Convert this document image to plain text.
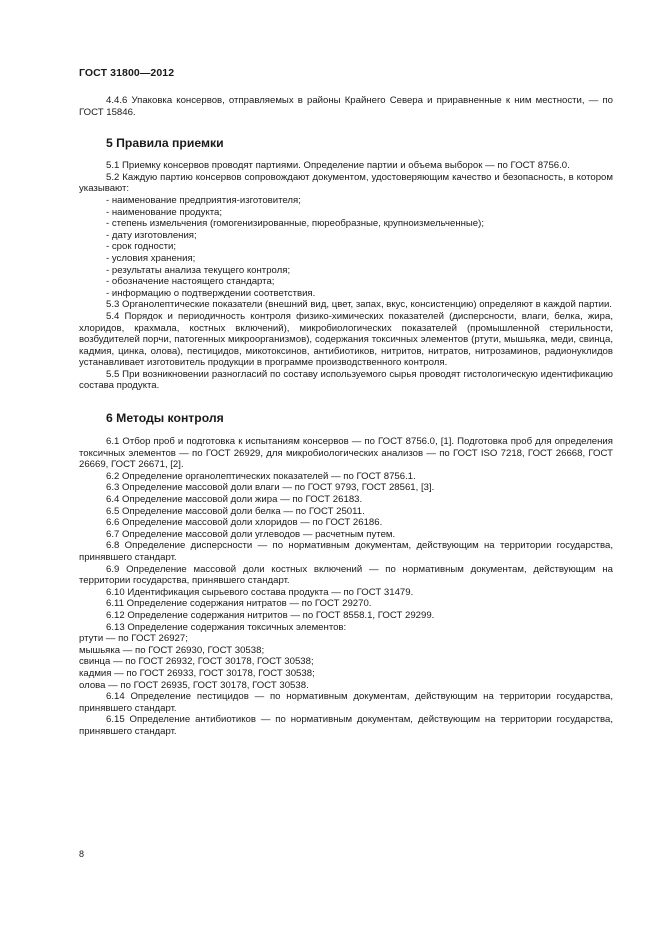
ГОСТ 31800—2012

4.4.6 Упаковка консервов, отправляемых в районы Крайнего Севера и приравненные к ним местности, — по ГОСТ 15846.

5 Правила приемки

5.1 Приемку консервов проводят партиями. Определение партии и объема выборок — по ГОСТ 8756.0.

5.2 Каждую партию консервов сопровождают документом, удостоверяющим качество и безопасность, в котором указывают:

- наименование предприятия-изготовителя;

- наименование продукта;

- степень измельчения (гомогенизированные, пюреобразные, крупноизмельченные);

- дату изготовления;

- срок годности;

- условия хранения;

- результаты анализа текущего контроля;

- обозначение настоящего стандарта;

- информацию о подтверждении соответствия.

5.3 Органолептические показатели (внешний вид, цвет, запах, вкус, консистенцию) определяют в каждой партии.

5.4 Порядок и периодичность контроля физико-химических показателей (дисперсности, влаги, белка, жира, хлоридов, крахмала, костных включений), микробиологических показателей (промышленной стерильности, возбудителей порчи, патогенных микроорганизмов), содержания токсичных элементов (ртути, мышьяка, меди, свинца, кадмия, цинка, олова), пестицидов, микотоксинов, антибиотиков, нитритов, нитратов, нитрозаминов, радионуклидов устанавливает изготовитель продукции в программе производственного контроля.

5.5 При возникновении разногласий по составу используемого сырья проводят гистологическую идентификацию состава продукта.

6 Методы контроля

6.1 Отбор проб и подготовка к испытаниям консервов — по ГОСТ 8756.0, [1]. Подготовка проб для определения токсичных элементов — по ГОСТ 26929, для микробиологических анализов — по ГОСТ ISO 7218, ГОСТ 26668, ГОСТ 26669, ГОСТ 26671, [2].

6.2 Определение органолептических показателей — по ГОСТ 8756.1.

6.3 Определение массовой доли влаги — по ГОСТ 9793, ГОСТ 28561, [3].

6.4 Определение массовой доли жира — по ГОСТ 26183.

6.5 Определение массовой доли белка — по ГОСТ 25011.

6.6 Определение массовой доли хлоридов — по ГОСТ 26186.

6.7 Определение массовой доли углеводов — расчетным путем.

6.8 Определение дисперсности — по нормативным документам, действующим на территории государства, принявшего стандарт.

6.9 Определение массовой доли костных включений — по нормативным документам, действующим на территории государства, принявшего стандарт.

6.10 Идентификация сырьевого состава продукта — по ГОСТ 31479.

6.11 Определение содержания нитратов — по ГОСТ 29270.

6.12 Определение содержания нитритов — по ГОСТ 8558.1, ГОСТ 29299.

6.13 Определение содержания токсичных элементов:

ртути — по ГОСТ 26927;

мышьяка — по ГОСТ 26930, ГОСТ 30538;

свинца — по ГОСТ 26932, ГОСТ 30178, ГОСТ 30538;

кадмия — по ГОСТ 26933, ГОСТ 30178, ГОСТ 30538;

олова — по ГОСТ 26935, ГОСТ 30178, ГОСТ 30538.

6.14 Определение пестицидов — по нормативным документам, действующим на территории государства, принявшего стандарт.

6.15 Определение антибиотиков — по нормативным документам, действующим на территории государства, принявшего стандарт.

8
